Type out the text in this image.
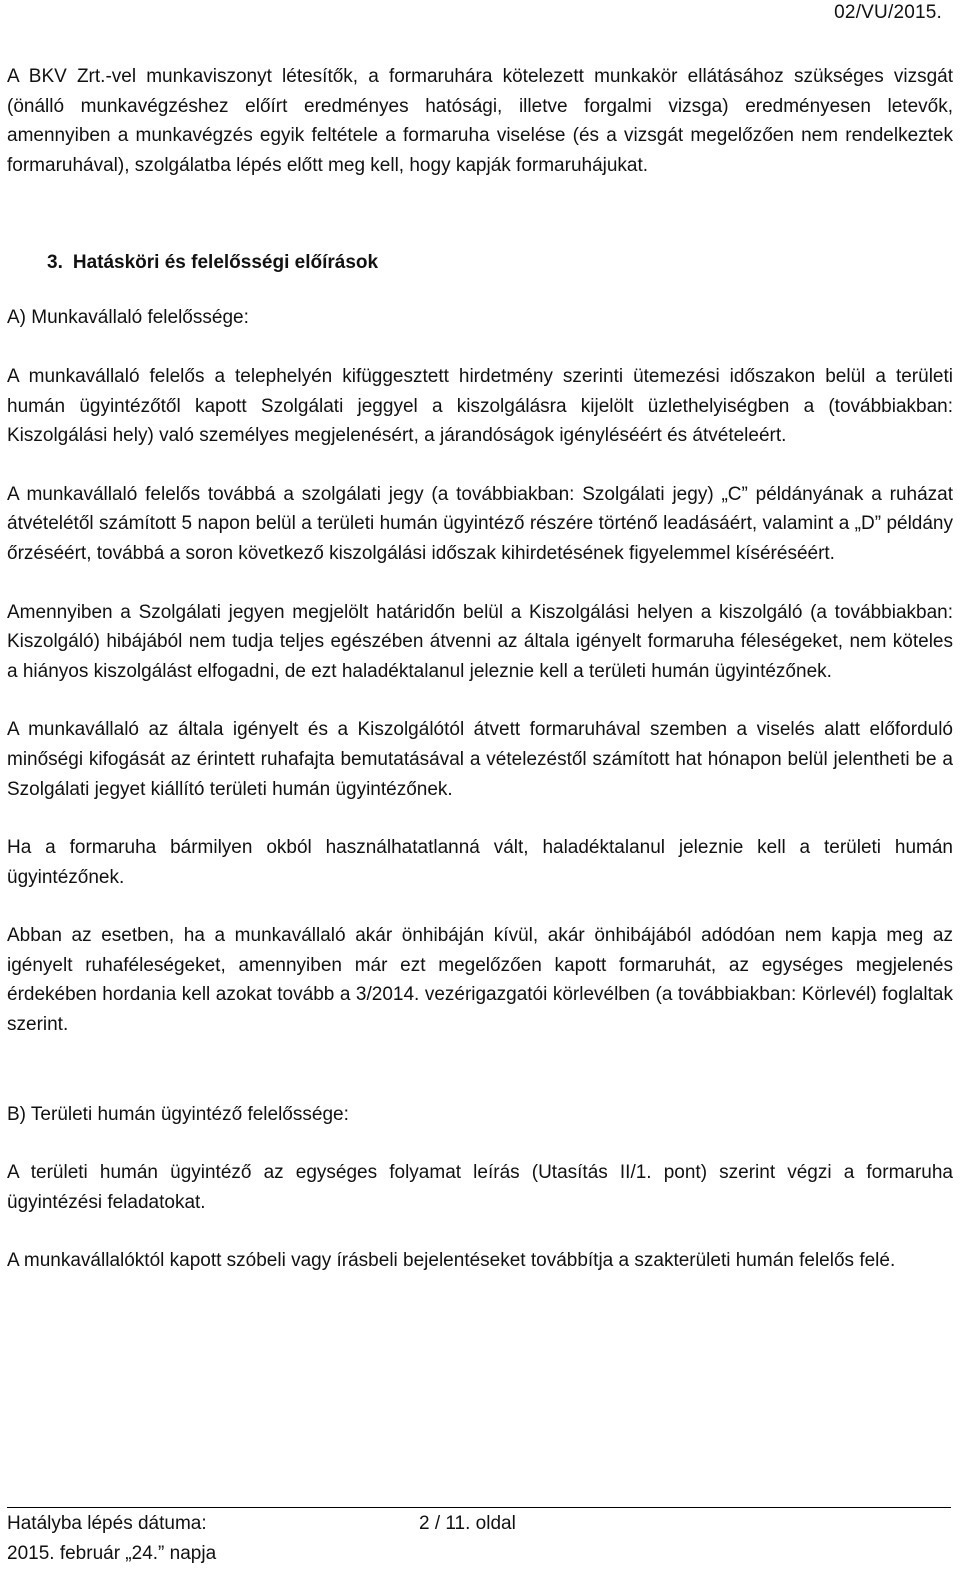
02/VU/2015.

A BKV Zrt.-vel munkaviszonyt létesítők, a formaruhára kötelezett munkakör ellátásához szükséges vizsgát (önálló munkavégzéshez előírt eredményes hatósági, illetve forgalmi vizsga) eredményesen letevők, amennyiben a munkavégzés egyik feltétele a formaruha viselése (és a vizsgát megelőzően nem rendelkeztek formaruhával), szolgálatba lépés előtt meg kell, hogy kapják formaruhájukat.

3. Hatásköri és felelősségi előírások

A) Munkavállaló felelőssége:

A munkavállaló felelős a telephelyén kifüggesztett hirdetmény szerinti ütemezési időszakon belül a területi humán ügyintézőtől kapott Szolgálati jeggyel a kiszolgálásra kijelölt üzlethelyiségben a (továbbiakban: Kiszolgálási hely) való személyes megjelenésért, a járandóságok igényléséért és átvételeért.

A munkavállaló felelős továbbá a szolgálati jegy (a továbbiakban: Szolgálati jegy) „C” példányának a ruházat átvételétől számított 5 napon belül a területi humán ügyintéző részére történő leadásáért, valamint a „D” példány őrzéséért, továbbá a soron következő kiszolgálási időszak kihirdetésének figyelemmel kíséréséért.

Amennyiben a Szolgálati jegyen megjelölt határidőn belül a Kiszolgálási helyen a kiszolgáló (a továbbiakban: Kiszolgáló) hibájából nem tudja teljes egészében átvenni az általa igényelt formaruha féleségeket, nem köteles a hiányos kiszolgálást elfogadni, de ezt haladéktalanul jeleznie kell a területi humán ügyintézőnek.

A munkavállaló az általa igényelt és a Kiszolgálótól átvett formaruhával szemben a viselés alatt előforduló minőségi kifogását az érintett ruhafajta bemutatásával a vételezéstől számított hat hónapon belül jelentheti be a Szolgálati jegyet kiállító területi humán ügyintézőnek.

Ha a formaruha bármilyen okból használhatatlanná vált, haladéktalanul jeleznie kell a területi humán ügyintézőnek.

Abban az esetben, ha a munkavállaló akár önhibáján kívül, akár önhibájából adódóan nem kapja meg az igényelt ruhaféleségeket, amennyiben már ezt megelőzően kapott formaruhát, az egységes megjelenés érdekében hordania kell azokat tovább a 3/2014. vezérigazgatói körlevélben (a továbbiakban: Körlevél) foglaltak szerint.

B) Területi humán ügyintéző felelőssége:

A területi humán ügyintéző az egységes folyamat leírás (Utasítás II/1. pont) szerint végzi a formaruha ügyintézési feladatokat.

A munkavállalóktól kapott szóbeli vagy írásbeli bejelentéseket továbbítja a szakterületi humán felelős felé.

Hatályba lépés dátuma:	2 / 11. oldal
2015. február „24.” napja
